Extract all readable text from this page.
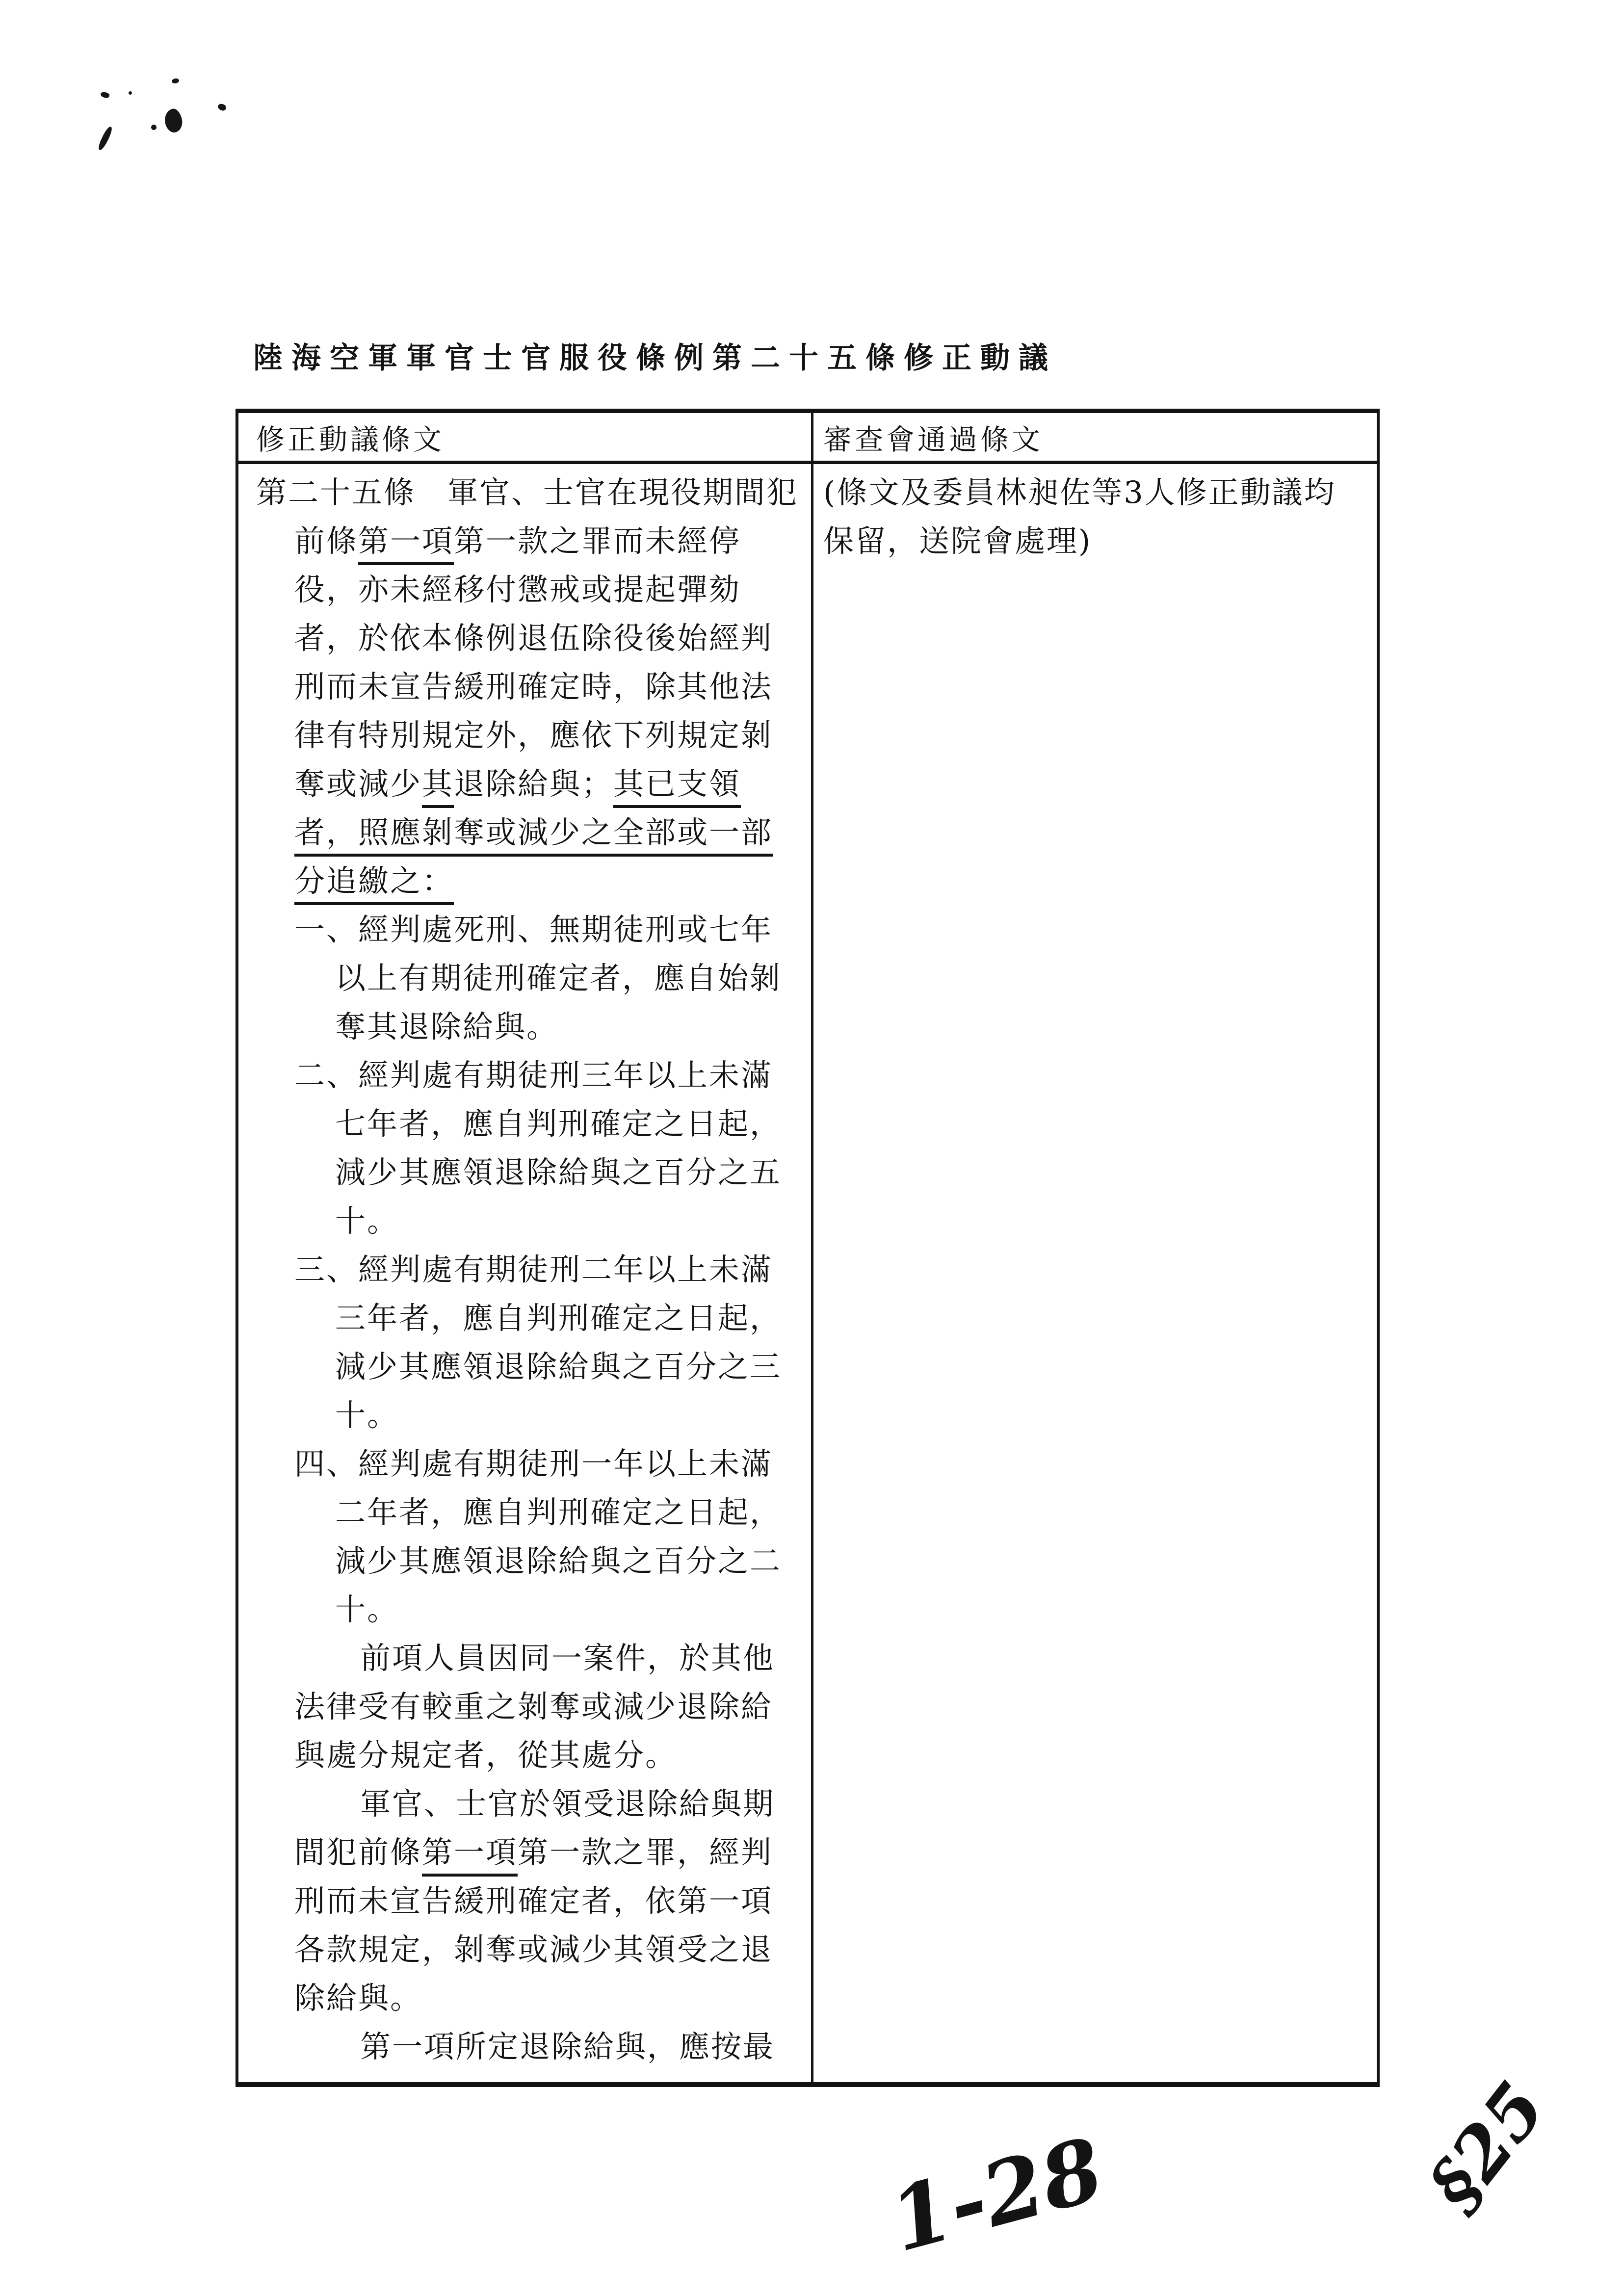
陸海空軍軍官士官服役條例第二十五條修正動議
修正動議條文	審查會通過條文
第二十五條　軍官、士官在現役期間犯
前條第一項第一款之罪而未經停
役，亦未經移付懲戒或提起彈劾
者，於依本條例退伍除役後始經判
刑而未宣告緩刑確定時，除其他法
律有特別規定外，應依下列規定剝
奪或減少其退除給與；其已支領
者，照應剝奪或減少之全部或一部
分追繳之：
一、經判處死刑、無期徒刑或七年
以上有期徒刑確定者，應自始剝
奪其退除給與。
二、經判處有期徒刑三年以上未滿
七年者，應自判刑確定之日起，
減少其應領退除給與之百分之五
十。
三、經判處有期徒刑二年以上未滿
三年者，應自判刑確定之日起，
減少其應領退除給與之百分之三
十。
四、經判處有期徒刑一年以上未滿
二年者，應自判刑確定之日起，
減少其應領退除給與之百分之二
十。
前項人員因同一案件，於其他
法律受有較重之剝奪或減少退除給
與處分規定者，從其處分。
軍官、士官於領受退除給與期
間犯前條第一項第一款之罪，經判
刑而未宣告緩刑確定者，依第一項
各款規定，剝奪或減少其領受之退
除給與。
第一項所定退除給與，應按最
(條文及委員林昶佐等3人修正動議均
保留，送院會處理)
1-28	§25
